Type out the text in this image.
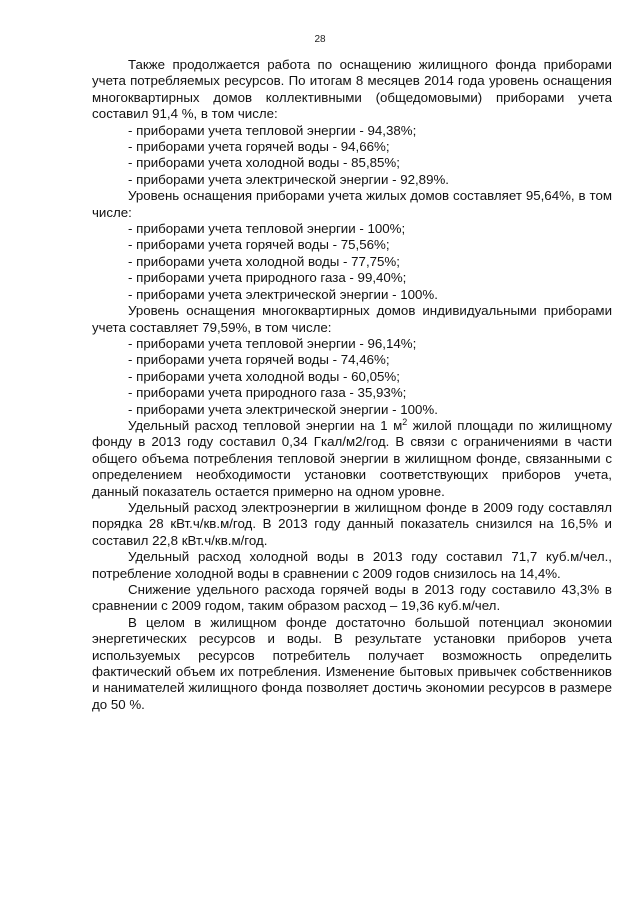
28

Также продолжается работа по оснащению жилищного фонда приборами учета потребляемых ресурсов. По итогам 8 месяцев 2014 года уровень оснащения многоквартирных домов коллективными (общедомовыми) приборами учета составил 91,4 %, в том числе:

- приборами учета тепловой энергии - 94,38%;

- приборами учета горячей воды - 94,66%;

- приборами учета холодной воды - 85,85%;

- приборами учета электрической энергии - 92,89%.

Уровень оснащения приборами учета жилых домов составляет 95,64%, в том числе:

- приборами учета тепловой энергии - 100%;

- приборами учета горячей воды - 75,56%;

- приборами учета холодной воды - 77,75%;

- приборами учета природного газа - 99,40%;

- приборами учета электрической энергии - 100%.

Уровень оснащения многоквартирных домов индивидуальными приборами учета составляет 79,59%, в том числе:

- приборами учета тепловой энергии - 96,14%;

- приборами учета горячей воды - 74,46%;

- приборами учета холодной воды - 60,05%;

- приборами учета природного газа - 35,93%;

- приборами учета электрической энергии - 100%.

Удельный расход тепловой энергии на 1 $м^2$ жилой площади по жилищному фонду в 2013 году составил 0,34 Гкал/м2/год. В связи с ограничениями в части общего объема потребления тепловой энергии в жилищном фонде, связанными с определением необходимости установки соответствующих приборов учета, данный показатель остается примерно на одном уровне.

Удельный расход электроэнергии в жилищном фонде в 2009 году составлял порядка 28 кВт.ч/кв.м/год. В 2013 году данный показатель снизился на 16,5% и составил 22,8 кВт.ч/кв.м/год.

Удельный расход холодной воды в 2013 году составил 71,7 куб.м/чел., потребление холодной воды в сравнении с 2009 годов снизилось на 14,4%.

Снижение удельного расхода горячей воды в 2013 году составило 43,3% в сравнении с 2009 годом, таким образом расход – 19,36 куб.м/чел.

В целом в жилищном фонде достаточно большой потенциал экономии энергетических ресурсов и воды. В результате установки приборов учета используемых ресурсов потребитель получает возможность определить фактический объем их потребления. Изменение бытовых привычек собственников и нанимателей жилищного фонда позволяет достичь экономии ресурсов в размере до 50 %.
